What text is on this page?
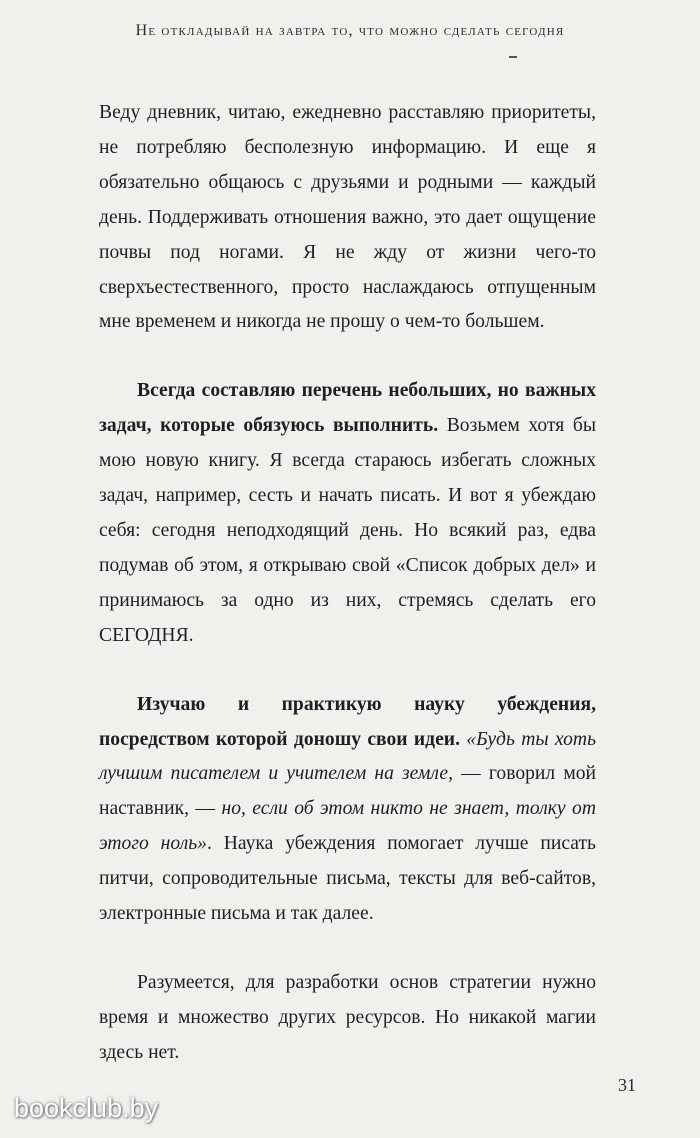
Не откладывай на завтра то, что можно сделать сегодня

Веду дневник, читаю, ежедневно расставляю приоритеты, не потребляю бесполезную информацию. И еще я обязательно общаюсь с друзьями и родными — каждый день. Поддерживать отношения важно, это дает ощущение почвы под ногами. Я не жду от жизни чего-то сверхъестественного, просто наслаждаюсь отпущенным мне временем и никогда не прошу о чем-то большем.

Всегда составляю перечень небольших, но важных задач, которые обязуюсь выполнить. Возьмем хотя бы мою новую книгу. Я всегда стараюсь избегать сложных задач, например, сесть и начать писать. И вот я убеждаю себя: сегодня неподходящий день. Но всякий раз, едва подумав об этом, я открываю свой «Список добрых дел» и принимаюсь за одно из них, стремясь сделать его СЕГОДНЯ.

Изучаю и практикую науку убеждения, посредством которой доношу свои идеи. «Будь ты хоть лучшим писателем и учителем на земле, — говорил мой наставник, — но, если об этом никто не знает, толку от этого ноль». Наука убеждения помогает лучше писать питчи, сопроводительные письма, тексты для веб-сайтов, электронные письма и так далее.

Разумеется, для разработки основ стратегии нужно время и множество других ресурсов. Но никакой магии здесь нет.

31
bookclub.by
